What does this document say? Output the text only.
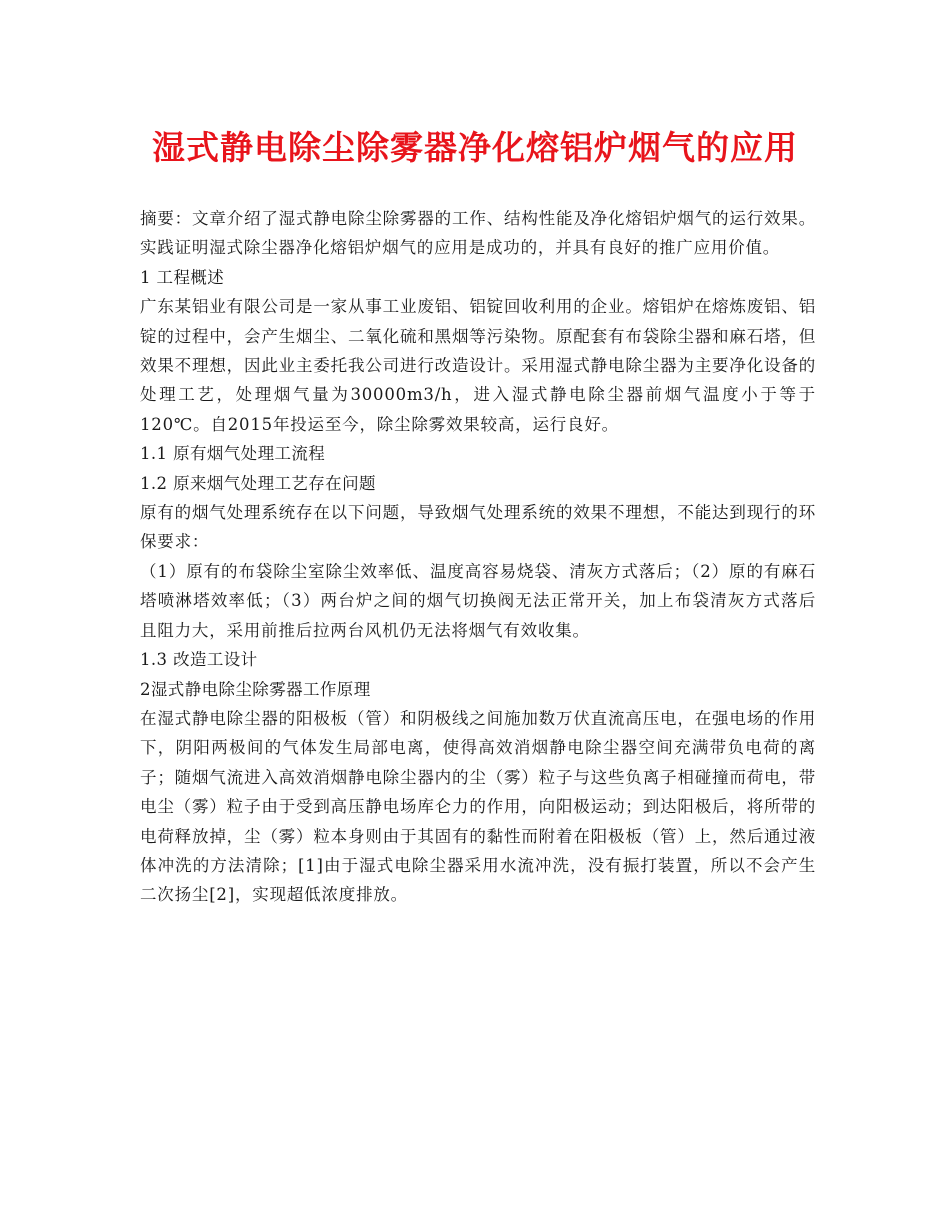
湿式静电除尘除雾器净化熔铝炉烟气的应用

摘要：文章介绍了湿式静电除尘除雾器的工作、结构性能及净化熔铝炉烟气的运行效果。实践证明湿式除尘器净化熔铝炉烟气的应用是成功的，并具有良好的推广应用价值。

1 工程概述

广东某铝业有限公司是一家从事工业废铝、铝锭回收利用的企业。熔铝炉在熔炼废铝、铝锭的过程中，会产生烟尘、二氧化硫和黑烟等污染物。原配套有布袋除尘器和麻石塔，但效果不理想，因此业主委托我公司进行改造设计。采用湿式静电除尘器为主要净化设备的处理工艺，处理烟气量为30000m3/h，进入湿式静电除尘器前烟气温度小于等于120℃。自2015年投运至今，除尘除雾效果较高，运行良好。

1.1 原有烟气处理工流程

1.2 原来烟气处理工艺存在问题

原有的烟气处理系统存在以下问题，导致烟气处理系统的效果不理想，不能达到现行的环保要求：

（1）原有的布袋除尘室除尘效率低、温度高容易烧袋、清灰方式落后；（2）原的有麻石塔喷淋塔效率低；（3）两台炉之间的烟气切换阀无法正常开关，加上布袋清灰方式落后且阻力大，采用前推后拉两台风机仍无法将烟气有效收集。

1.3 改造工设计

2湿式静电除尘除雾器工作原理

在湿式静电除尘器的阳极板（管）和阴极线之间施加数万伏直流高压电，在强电场的作用下，阴阳两极间的气体发生局部电离，使得高效消烟静电除尘器空间充满带负电荷的离子；随烟气流进入高效消烟静电除尘器内的尘（雾）粒子与这些负离子相碰撞而荷电，带电尘（雾）粒子由于受到高压静电场库仑力的作用，向阳极运动；到达阳极后，将所带的电荷释放掉，尘（雾）粒本身则由于其固有的黏性而附着在阳极板（管）上，然后通过液体冲洗的方法清除；[1]由于湿式电除尘器采用水流冲洗，没有振打装置，所以不会产生二次扬尘[2]，实现超低浓度排放。
